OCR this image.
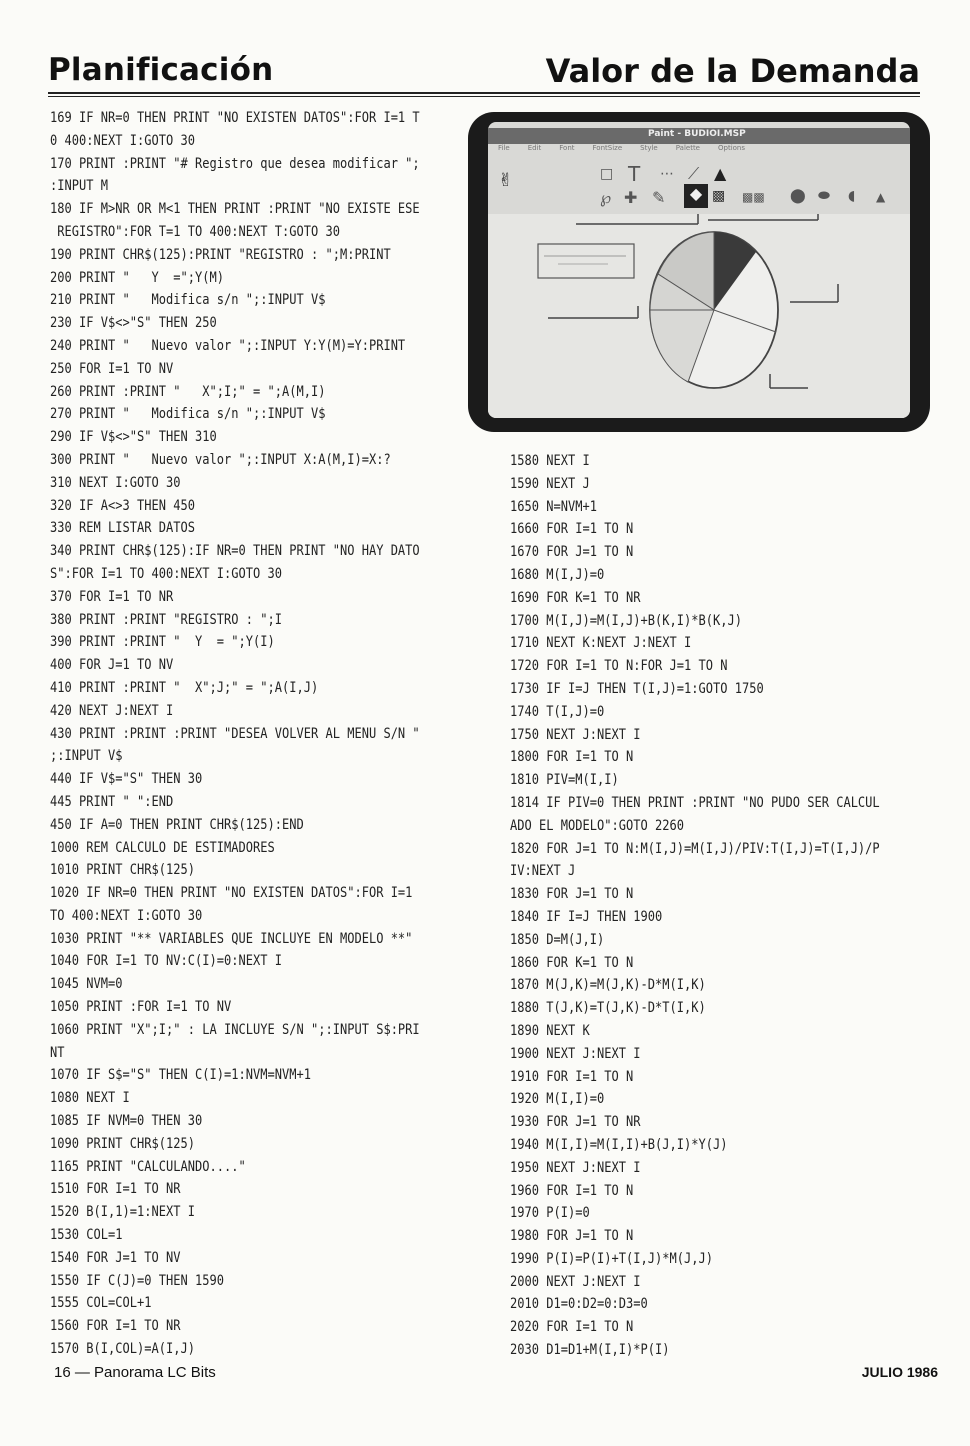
Planificación	Valor de la Demanda
169 IF NR=0 THEN PRINT "NO EXISTEN DATOS":FOR I=1 T
0 400:NEXT I:GOTO 30
170 PRINT :PRINT "# Registro que desea modificar ";
:INPUT M
180 IF M>NR OR M<1 THEN PRINT :PRINT "NO EXISTE ESE
REGISTRO":FOR T=1 TO 400:NEXT T:GOTO 30
190 PRINT CHR$(125):PRINT "REGISTRO : ";M:PRINT
200 PRINT "   Y  =";Y(M)
210 PRINT "   Modifica s/n ";:INPUT V$
230 IF V$<>"S" THEN 250
240 PRINT "   Nuevo valor ";:INPUT Y:Y(M)=Y:PRINT
250 FOR I=1 TO NV
260 PRINT :PRINT "   X";I;" = ";A(M,I)
270 PRINT "   Modifica s/n ";:INPUT V$
290 IF V$<>"S" THEN 310
300 PRINT "   Nuevo valor ";:INPUT X:A(M,I)=X:?
310 NEXT I:GOTO 30
320 IF A<>3 THEN 450
330 REM LISTAR DATOS
340 PRINT CHR$(125):IF NR=0 THEN PRINT "NO HAY DATO
S":FOR I=1 TO 400:NEXT I:GOTO 30
370 FOR I=1 TO NR
380 PRINT :PRINT "REGISTRO : ";I
390 PRINT :PRINT "  Y  = ";Y(I)
400 FOR J=1 TO NV
410 PRINT :PRINT "  X";J;" = ";A(I,J)
420 NEXT J:NEXT I
430 PRINT :PRINT :PRINT "DESEA VOLVER AL MENU S/N "
;:INPUT V$
440 IF V$="S" THEN 30
445 PRINT " ":END
450 IF A=0 THEN PRINT CHR$(125):END
1000 REM CALCULO DE ESTIMADORES
1010 PRINT CHR$(125)
1020 IF NR=0 THEN PRINT "NO EXISTEN DATOS":FOR I=1
TO 400:NEXT I:GOTO 30
1030 PRINT "** VARIABLES QUE INCLUYE EN MODELO **"
1040 FOR I=1 TO NV:C(I)=0:NEXT I
1045 NVM=0
1050 PRINT :FOR I=1 TO NV
1060 PRINT "X";I;" : LA INCLUYE S/N ";:INPUT S$:PRI
NT
1070 IF S$="S" THEN C(I)=1:NVM=NVM+1
1080 NEXT I
1085 IF NVM=0 THEN 30
1090 PRINT CHR$(125)
1165 PRINT "CALCULANDO...."
1510 FOR I=1 TO NR
1520 B(I,1)=1:NEXT I
1530 COL=1
1540 FOR J=1 TO NV
1550 IF C(J)=0 THEN 1590
1555 COL=COL+1
1560 FOR I=1 TO NR
1570 B(I,COL)=A(I,J)
Paint - BUDIOI.MSP
File	Edit	Font	FontSize	Style	Palette	Options
✌	□ T ⋯ ⟋ ▲
℘ ✚ ✎	◆ ▩ ▩▩ ⬤ ⬬ ◖ ▲
1580 NEXT I
1590 NEXT J
1650 N=NVM+1
1660 FOR I=1 TO N
1670 FOR J=1 TO N
1680 M(I,J)=0
1690 FOR K=1 TO NR
1700 M(I,J)=M(I,J)+B(K,I)*B(K,J)
1710 NEXT K:NEXT J:NEXT I
1720 FOR I=1 TO N:FOR J=1 TO N
1730 IF I=J THEN T(I,J)=1:GOTO 1750
1740 T(I,J)=0
1750 NEXT J:NEXT I
1800 FOR I=1 TO N
1810 PIV=M(I,I)
1814 IF PIV=0 THEN PRINT :PRINT "NO PUDO SER CALCUL
ADO EL MODELO":GOTO 2260
1820 FOR J=1 TO N:M(I,J)=M(I,J)/PIV:T(I,J)=T(I,J)/P
IV:NEXT J
1830 FOR J=1 TO N
1840 IF I=J THEN 1900
1850 D=M(J,I)
1860 FOR K=1 TO N
1870 M(J,K)=M(J,K)-D*M(I,K)
1880 T(J,K)=T(J,K)-D*T(I,K)
1890 NEXT K
1900 NEXT J:NEXT I
1910 FOR I=1 TO N
1920 M(I,I)=0
1930 FOR J=1 TO NR
1940 M(I,I)=M(I,I)+B(J,I)*Y(J)
1950 NEXT J:NEXT I
1960 FOR I=1 TO N
1970 P(I)=0
1980 FOR J=1 TO N
1990 P(I)=P(I)+T(I,J)*M(J,J)
2000 NEXT J:NEXT I
2010 D1=0:D2=0:D3=0
2020 FOR I=1 TO N
2030 D1=D1+M(I,I)*P(I)
16 — Panorama LC Bits	JULIO 1986
